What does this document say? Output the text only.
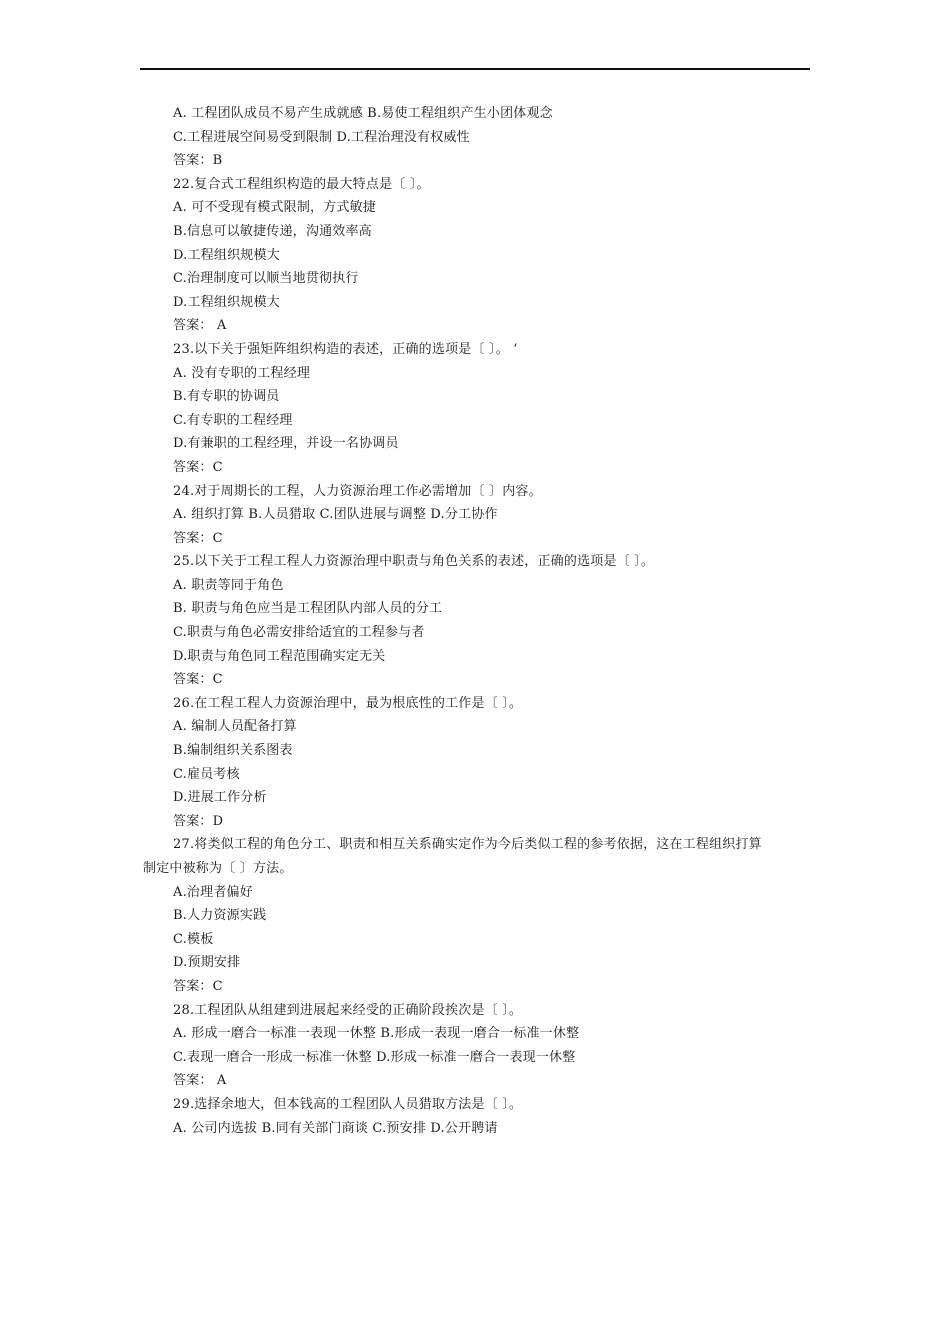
A. 工程团队成员不易产生成就感 B.易使工程组织产生小团体观念
C.工程进展空间易受到限制 D.工程治理没有权威性
答案：B
22.复合式工程组织构造的最大特点是〔 〕。
A. 可不受现有模式限制，方式敏捷
B.信息可以敏捷传递，沟通效率高
D.工程组织规模大
C.治理制度可以顺当地贯彻执行
D.工程组织规模大
答案： A
23.以下关于强矩阵组织构造的表述，正确的选项是〔 〕。 ‘
A. 没有专职的工程经理
B.有专职的协调员
C.有专职的工程经理
D.有兼职的工程经理，并设一名协调员
答案：C
24.对于周期长的工程，人力资源治理工作必需增加〔 〕内容。
A. 组织打算 B.人员猎取 C.团队进展与调整 D.分工协作
答案：C
25.以下关于工程工程人力资源治理中职责与角色关系的表述，正确的选项是〔 〕。
A. 职责等同于角色
B. 职责与角色应当是工程团队内部人员的分工
C.职责与角色必需安排给适宜的工程参与者
D.职责与角色同工程范围确实定无关
答案：C
26.在工程工程人力资源治理中，最为根底性的工作是〔 〕。
A. 编制人员配备打算
B.编制组织关系图表
C.雇员考核
D.进展工作分析
答案：D
27.将类似工程的角色分工、职责和相互关系确实定作为今后类似工程的参考依据，这在工程组织打算
制定中被称为〔 〕方法。
A.治理者偏好
B.人力资源实践
C.模板
D.预期安排
答案：C
28.工程团队从组建到进展起来经受的正确阶段挨次是〔 〕。
A. 形成一磨合一标准一表现一休整 B.形成一表现一磨合一标准一休整
C.表现一磨合一形成一标准一休整 D.形成一标准一磨合一表现一休整
答案： A
29.选择余地大，但本钱高的工程团队人员猎取方法是〔 〕。
A. 公司内选拔 B.同有关部门商谈 C.预安排 D.公开聘请
